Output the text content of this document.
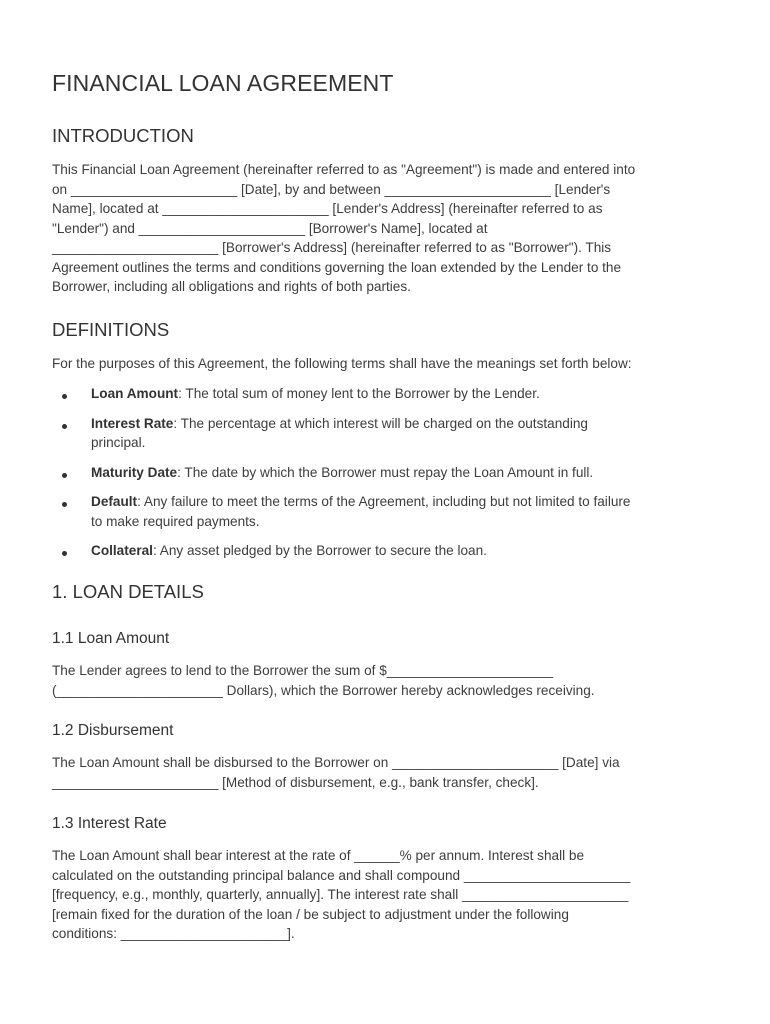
FINANCIAL LOAN AGREEMENT
INTRODUCTION
This Financial Loan Agreement (hereinafter referred to as "Agreement") is made and entered into
on ______________________ [Date], by and between ______________________ [Lender's
Name], located at ______________________ [Lender's Address] (hereinafter referred to as
"Lender") and ______________________ [Borrower's Name], located at
______________________ [Borrower's Address] (hereinafter referred to as "Borrower"). This
Agreement outlines the terms and conditions governing the loan extended by the Lender to the
Borrower, including all obligations and rights of both parties.
DEFINITIONS
For the purposes of this Agreement, the following terms shall have the meanings set forth below:
Loan Amount: The total sum of money lent to the Borrower by the Lender.
Interest Rate: The percentage at which interest will be charged on the outstanding
principal.
Maturity Date: The date by which the Borrower must repay the Loan Amount in full.
Default: Any failure to meet the terms of the Agreement, including but not limited to failure
to make required payments.
Collateral: Any asset pledged by the Borrower to secure the loan.
1. LOAN DETAILS
1.1 Loan Amount
The Lender agrees to lend to the Borrower the sum of $______________________
(______________________ Dollars), which the Borrower hereby acknowledges receiving.
1.2 Disbursement
The Loan Amount shall be disbursed to the Borrower on ______________________ [Date] via
______________________ [Method of disbursement, e.g., bank transfer, check].
1.3 Interest Rate
The Loan Amount shall bear interest at the rate of ______% per annum. Interest shall be
calculated on the outstanding principal balance and shall compound ______________________
[frequency, e.g., monthly, quarterly, annually]. The interest rate shall ______________________
[remain fixed for the duration of the loan / be subject to adjustment under the following
conditions: ______________________].
